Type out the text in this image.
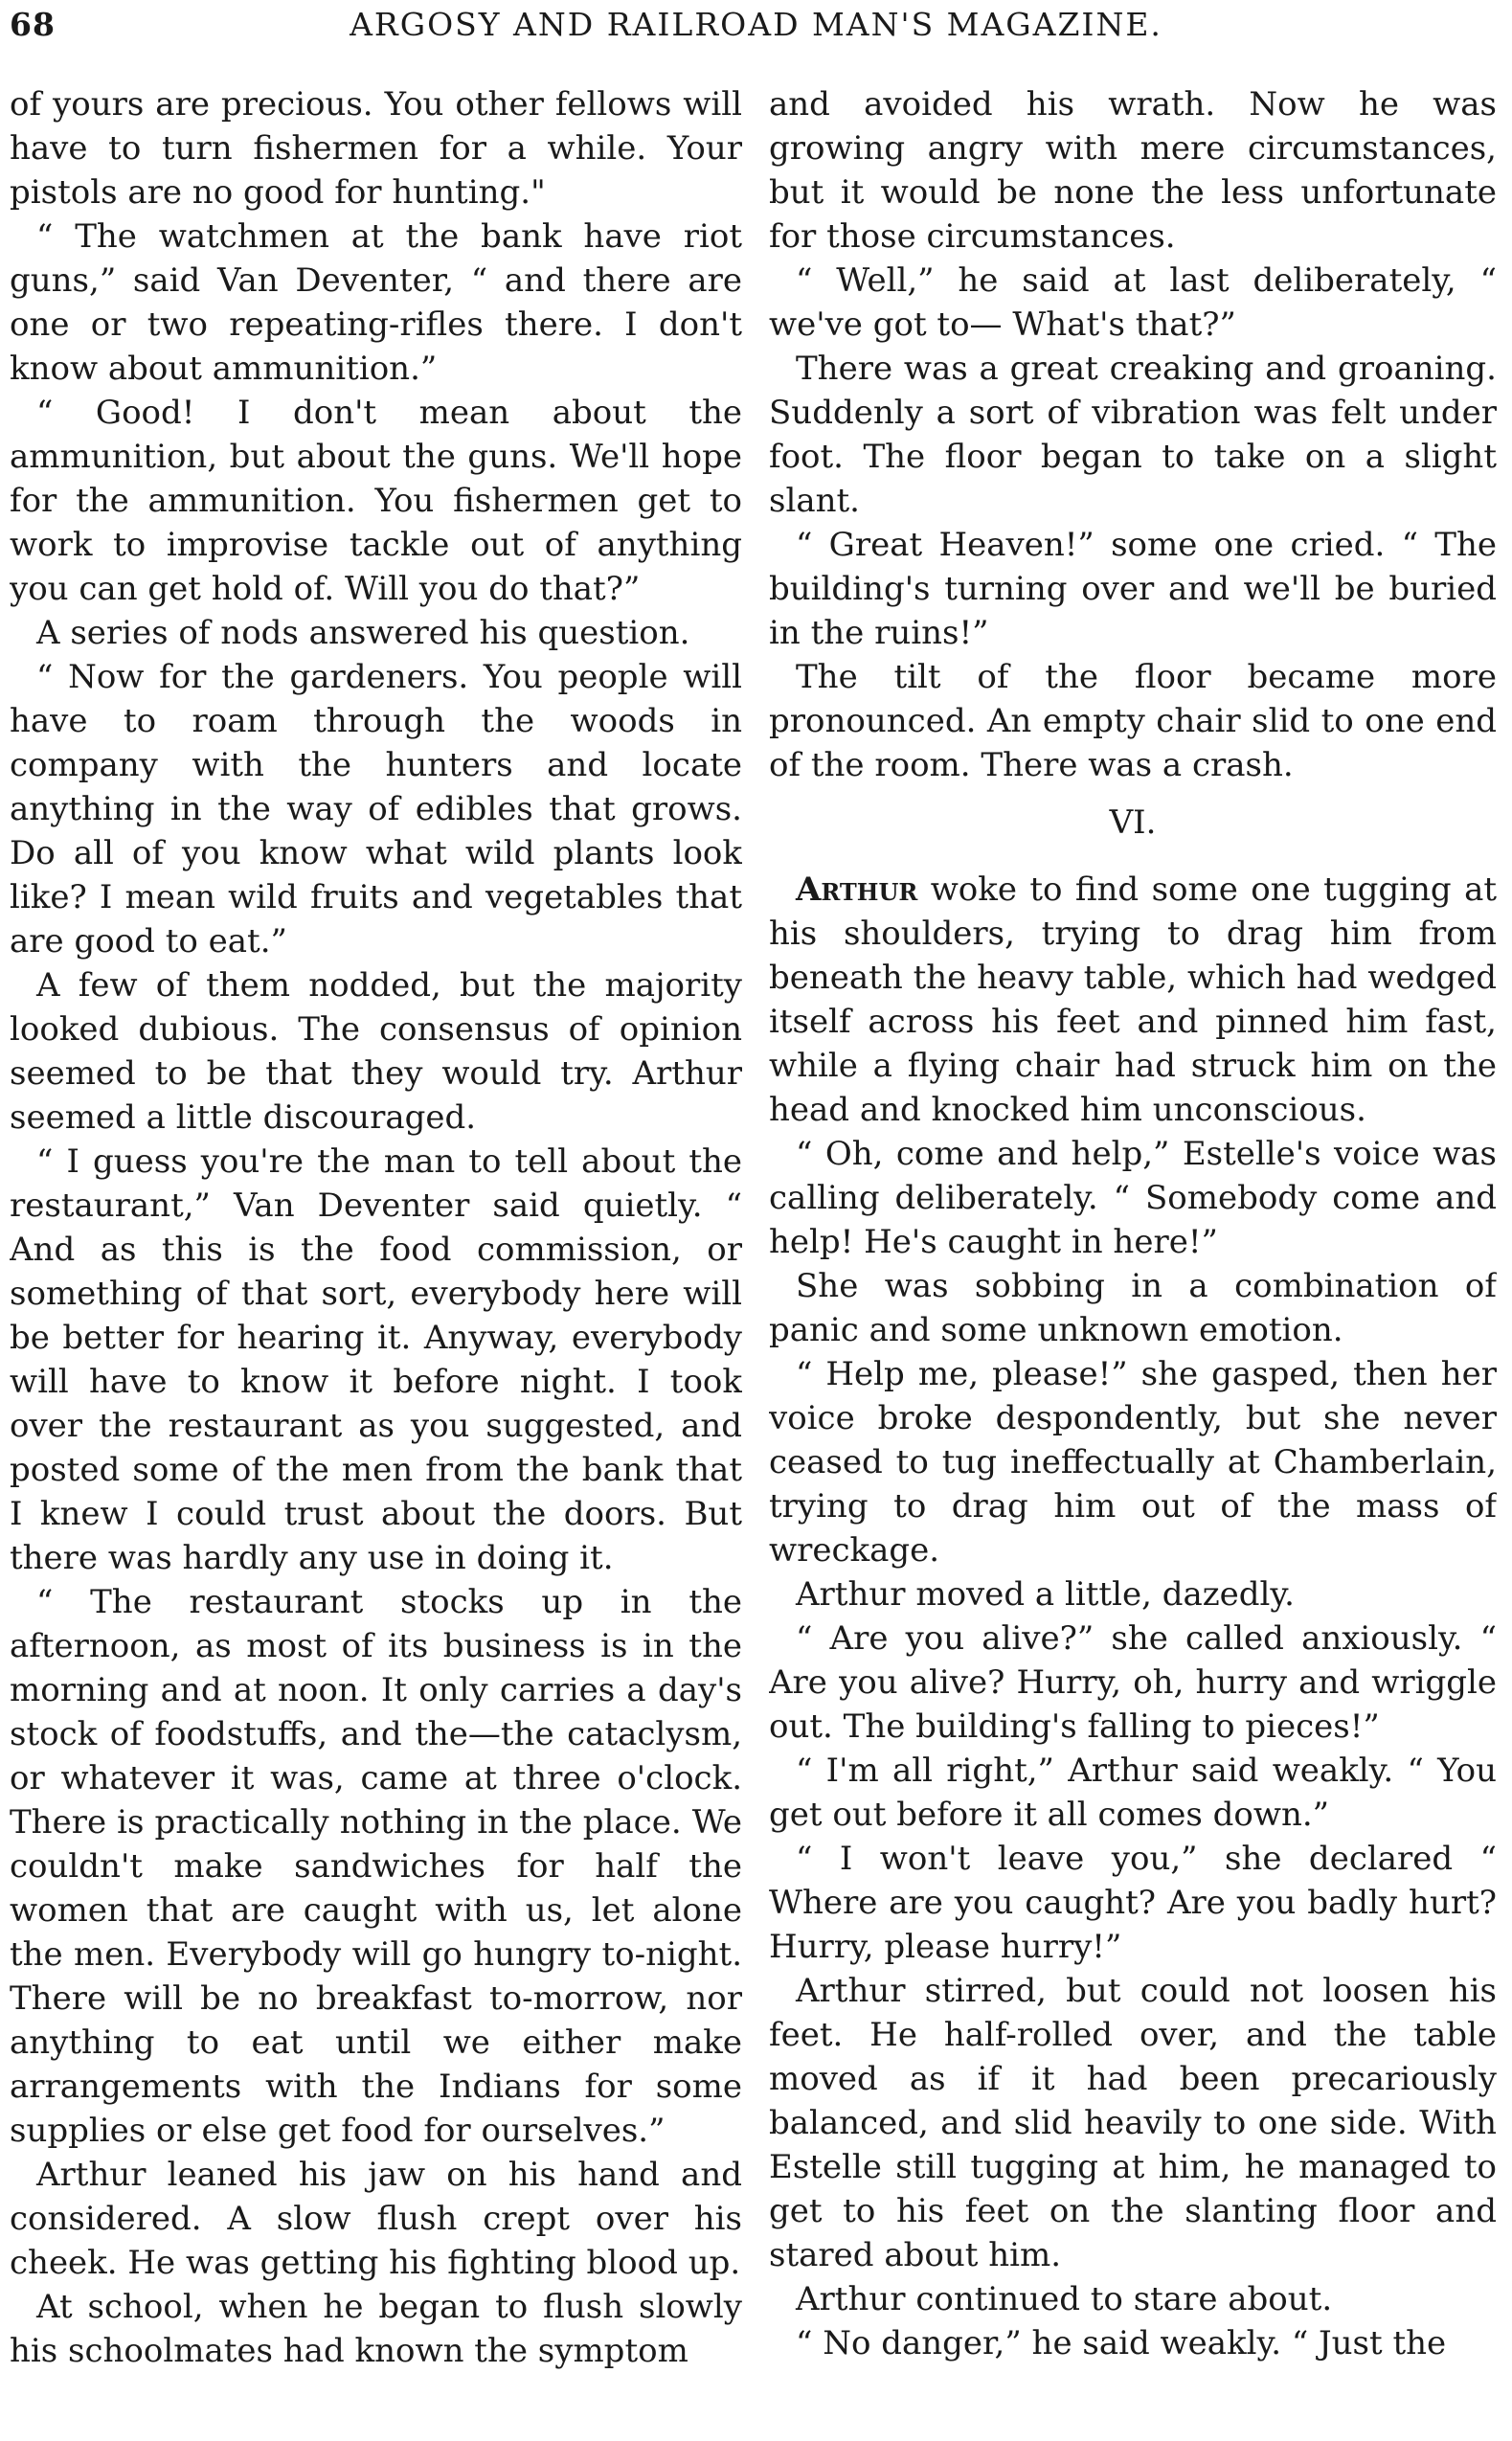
68	ARGOSY AND RAILROAD MAN'S MAGAZINE.

of yours are precious. You other fellows will have to turn fishermen for a while. Your pistols are no good for hunting."

“ The watchmen at the bank have riot guns,” said Van Deventer, “ and there are one or two repeating-rifles there. I don't know about ammunition.”

“ Good! I don't mean about the ammunition, but about the guns. We'll hope for the ammunition. You fishermen get to work to improvise tackle out of anything you can get hold of. Will you do that?”

A series of nods answered his question.

“ Now for the gardeners. You people will have to roam through the woods in company with the hunters and locate anything in the way of edibles that grows. Do all of you know what wild plants look like? I mean wild fruits and vegetables that are good to eat.”

A few of them nodded, but the majority looked dubious. The consensus of opinion seemed to be that they would try. Arthur seemed a little discouraged.

“ I guess you're the man to tell about the restaurant,” Van Deventer said quietly. “ And as this is the food commission, or something of that sort, everybody here will be better for hearing it. Anyway, everybody will have to know it before night. I took over the restaurant as you suggested, and posted some of the men from the bank that I knew I could trust about the doors. But there was hardly any use in doing it.

“ The restaurant stocks up in the afternoon, as most of its business is in the morning and at noon. It only carries a day's stock of foodstuffs, and the—the cataclysm, or whatever it was, came at three o'clock. There is practically nothing in the place. We couldn't make sandwiches for half the women that are caught with us, let alone the men. Everybody will go hungry to-night. There will be no breakfast to-morrow, nor anything to eat until we either make arrangements with the Indians for some supplies or else get food for ourselves.”

Arthur leaned his jaw on his hand and considered. A slow flush crept over his cheek. He was getting his fighting blood up.

At school, when he began to flush slowly his schoolmates had known the symptom

and avoided his wrath. Now he was growing angry with mere circumstances, but it would be none the less unfortunate for those circumstances.

“ Well,” he said at last deliberately, “ we've got to— What's that?”

There was a great creaking and groaning. Suddenly a sort of vibration was felt under foot. The floor began to take on a slight slant.

“ Great Heaven!” some one cried. “ The building's turning over and we'll be buried in the ruins!”

The tilt of the floor became more pronounced. An empty chair slid to one end of the room. There was a crash.

VI.

Arthur woke to find some one tugging at his shoulders, trying to drag him from beneath the heavy table, which had wedged itself across his feet and pinned him fast, while a flying chair had struck him on the head and knocked him unconscious.

“ Oh, come and help,” Estelle's voice was calling deliberately. “ Somebody come and help! He's caught in here!”

She was sobbing in a combination of panic and some unknown emotion.

“ Help me, please!” she gasped, then her voice broke despondently, but she never ceased to tug ineffectually at Chamberlain, trying to drag him out of the mass of wreckage.

Arthur moved a little, dazedly.

“ Are you alive?” she called anxiously. “ Are you alive? Hurry, oh, hurry and wriggle out. The building's falling to pieces!”

“ I'm all right,” Arthur said weakly. “ You get out before it all comes down.”

“ I won't leave you,” she declared “ Where are you caught? Are you badly hurt? Hurry, please hurry!”

Arthur stirred, but could not loosen his feet. He half-rolled over, and the table moved as if it had been precariously balanced, and slid heavily to one side. With Estelle still tugging at him, he managed to get to his feet on the slanting floor and stared about him.

Arthur continued to stare about.

“ No danger,” he said weakly. “ Just the
